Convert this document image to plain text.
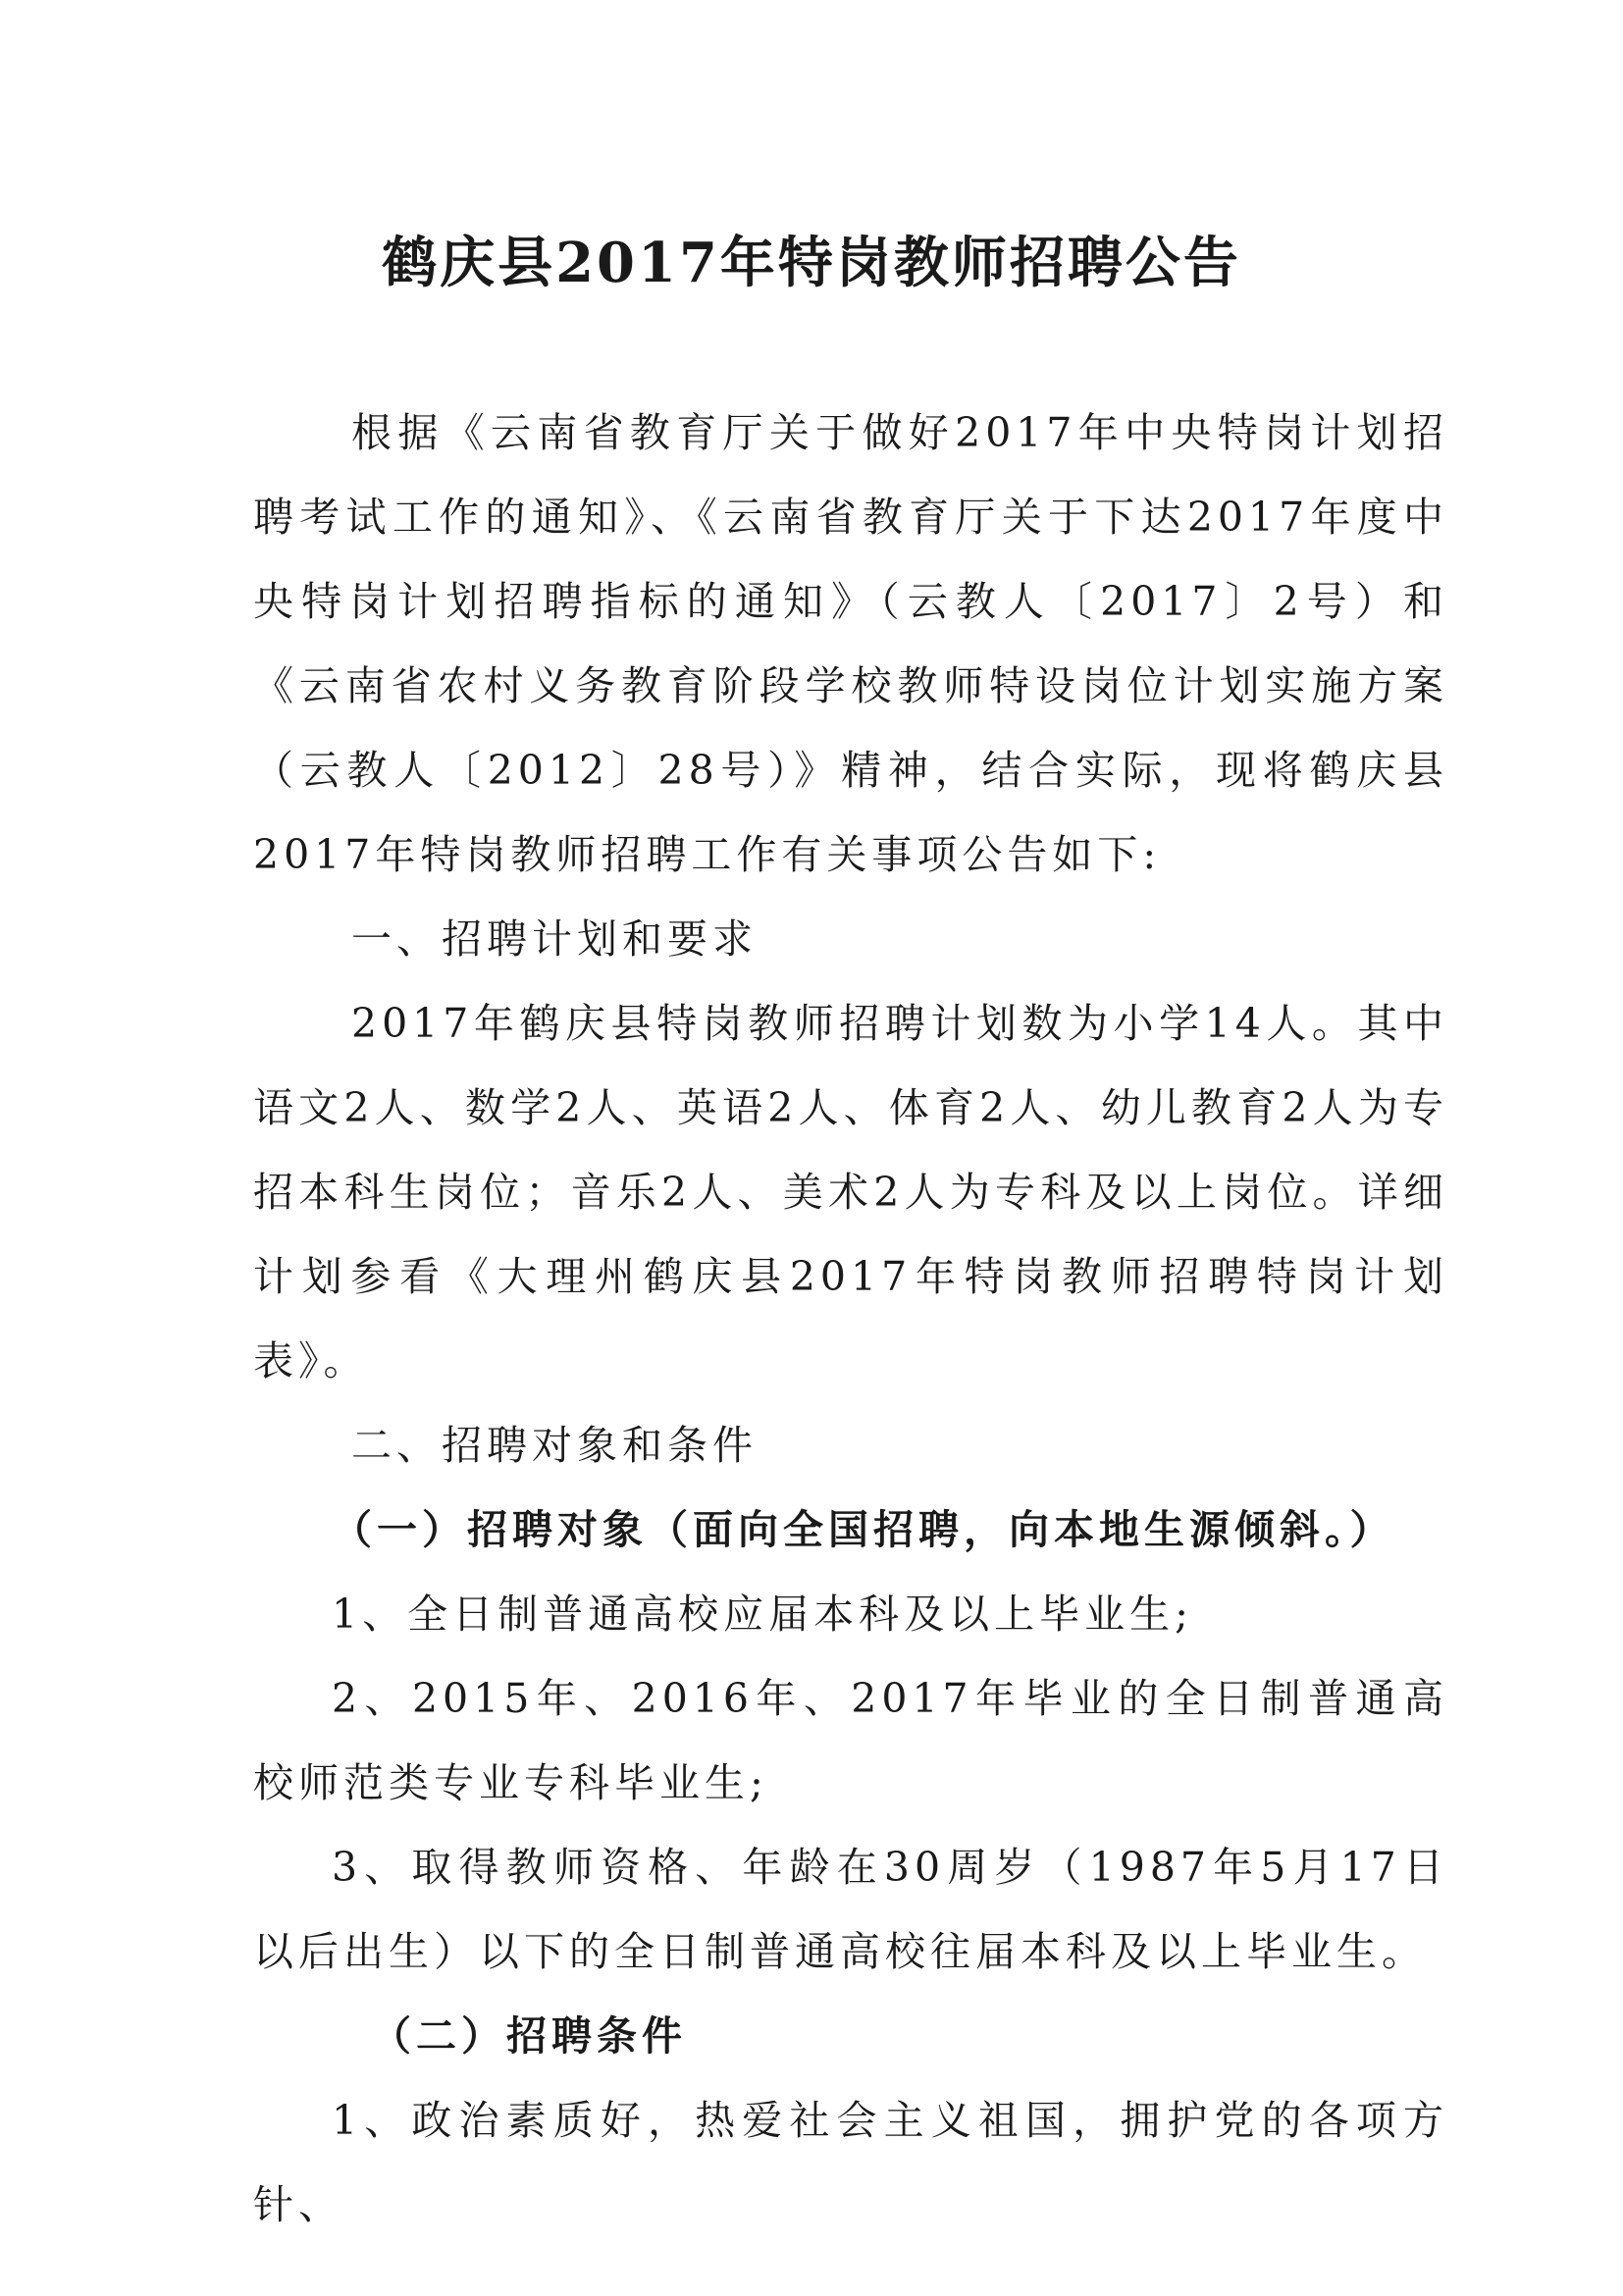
鹤庆县2017年特岗教师招聘公告

根据《云南省教育厅关于做好2017年中央特岗计划招聘考试工作的通知》、《云南省教育厅关于下达2017年度中央特岗计划招聘指标的通知》（云教人〔2017〕2号）和《云南省农村义务教育阶段学校教师特设岗位计划实施方案（云教人〔2012〕28号）》精神，结合实际，现将鹤庆县2017年特岗教师招聘工作有关事项公告如下:

一、招聘计划和要求

2017年鹤庆县特岗教师招聘计划数为小学14人。其中语文2人、数学2人、英语2人、体育2人、幼儿教育2人为专招本科生岗位；音乐2人、美术2人为专科及以上岗位。详细计划参看《大理州鹤庆县2017年特岗教师招聘特岗计划表》。

二、招聘对象和条件

（一）招聘对象（面向全国招聘，向本地生源倾斜。）

1、全日制普通高校应届本科及以上毕业生;

2、2015年、2016年、2017年毕业的全日制普通高校师范类专业专科毕业生;

3、取得教师资格、年龄在30周岁（1987年5月17日以后出生）以下的全日制普通高校往届本科及以上毕业生。

（二）招聘条件

1、政治素质好，热爱社会主义祖国，拥护党的各项方针、
